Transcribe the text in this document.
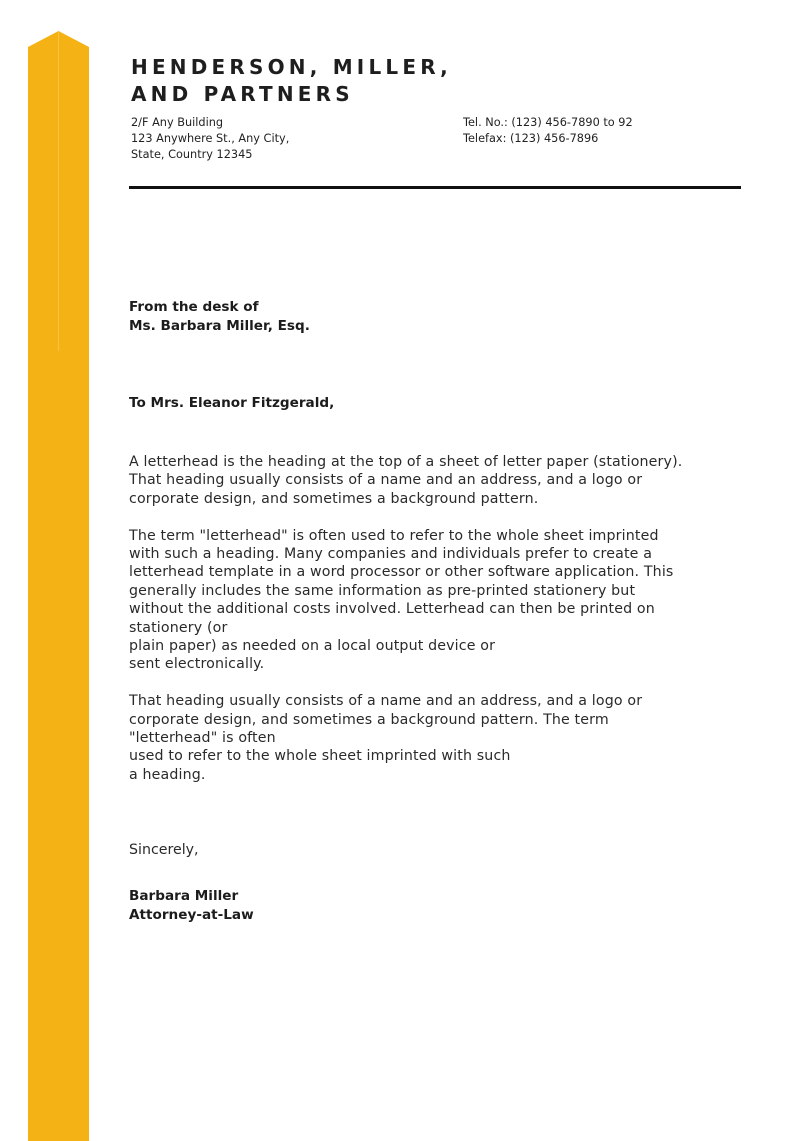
HENDERSON, MILLER,
AND PARTNERS
2/F Any Building
123 Anywhere St., Any City,
State, Country 12345
Tel. No.: (123) 456-7890 to 92
Telefax: (123) 456-7896
From the desk of
Ms. Barbara Miller, Esq.
To Mrs. Eleanor Fitzgerald,
A letterhead is the heading at the top of a sheet of letter paper (stationery).
That heading usually consists of a name and an address, and a logo or
corporate design, and sometimes a background pattern.
The term "letterhead" is often used to refer to the whole sheet imprinted
with such a heading. Many companies and individuals prefer to create a
letterhead template in a word processor or other software application. This
generally includes the same information as pre-printed stationery but
without the additional costs involved. Letterhead can then be printed on
stationery (or
plain paper) as needed on a local output device or
sent electronically.
That heading usually consists of a name and an address, and a logo or
corporate design, and sometimes a background pattern. The term
"letterhead" is often
used to refer to the whole sheet imprinted with such
a heading.
Sincerely,
Barbara Miller
Attorney-at-Law
